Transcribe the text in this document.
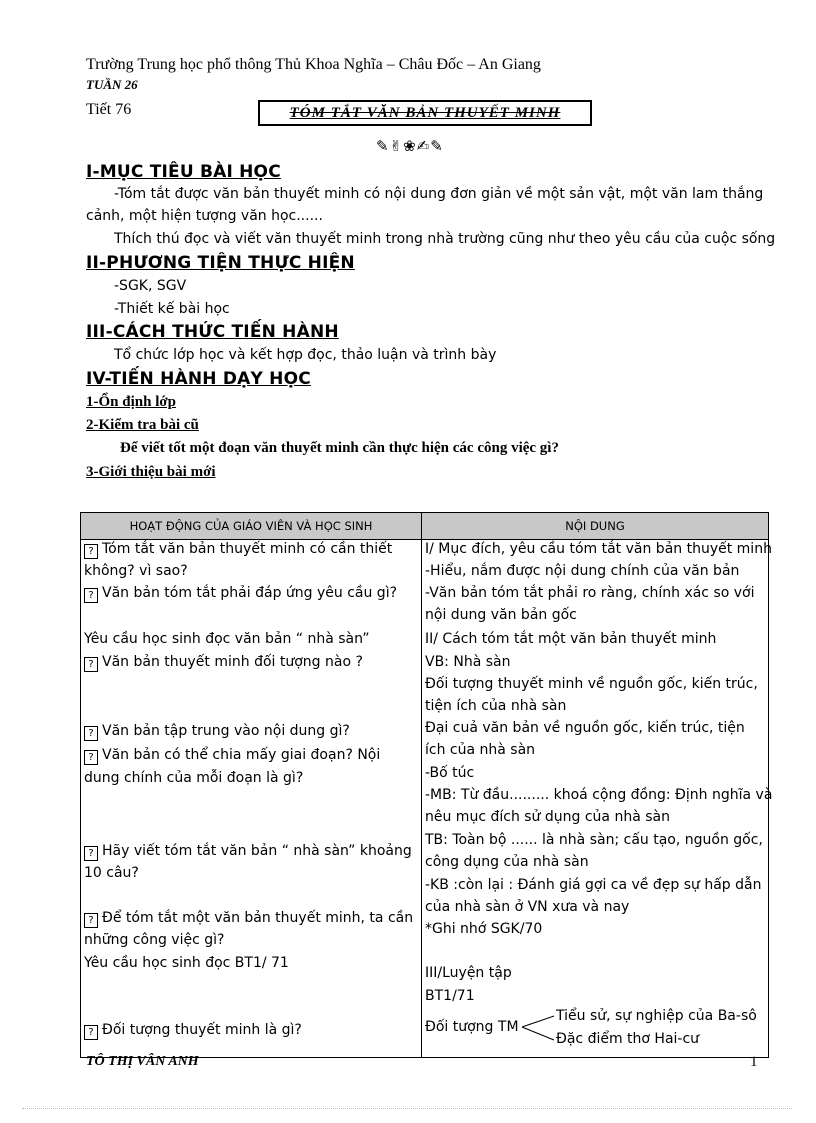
Trường Trung học phổ thông Thủ Khoa Nghĩa – Châu Đốc – An Giang
TUẦN 26
Tiết 76	TÓM TẮT VĂN BẢN THUYẾT MINH
✎✌❀✍✎
I-MỤC TIÊU BÀI HỌC
-Tóm tắt được văn bản thuyết minh có nội dung đơn giản về một sản vật, một văn lam thắng
cảnh, một hiện tượng văn học......
Thích thú đọc và viết văn thuyết minh trong nhà trường cũng như theo yêu cầu của cuộc sống
II-PHƯƠNG TIỆN THỰC HIỆN
-SGK, SGV
-Thiết kế bài học
III-CÁCH THỨC TIẾN HÀNH
Tổ chức lớp học và kết hợp đọc, thảo luận và trình bày
IV-TIẾN HÀNH DẠY HỌC
1-Ổn định lớp
2-Kiểm tra bài cũ
Để viết tốt một đoạn văn thuyết minh cần thực hiện các công việc gì?
3-Giới thiệu bài mới
HOẠT ĐỘNG CỦA GIÁO VIÊN VÀ HỌC SINH	NỘI DUNG

? Tóm tắt văn bản thuyết minh có cần thiết
không? vì sao?
? Văn bản tóm tắt phải đáp ứng yêu cầu gì?
Yêu cầu học sinh đọc văn bản “ nhà sàn”
? Văn bản thuyết minh đối tượng nào ?
? Văn bản tập trung vào nội dung gì?
? Văn bản có thể chia mấy giai đoạn? Nội
dung chính của mỗi đoạn là gì?
? Hãy viết tóm tắt văn bản “ nhà sàn” khoảng
10 câu?
? Để tóm tắt một văn bản thuyết minh, ta cần
những công việc gì?
Yêu cầu học sinh đọc BT1/ 71
? Đối tượng thuyết minh là gì?
I/ Mục đích, yêu cầu tóm tắt văn bản thuyết minh
-Hiểu, nắm được nội dung chính của văn bản
-Văn bản tóm tắt phải ro ràng, chính xác so với
nội dung văn bản gốc
II/ Cách tóm tắt một văn bản thuyết minh
VB: Nhà sàn
Đối tượng thuyết minh về nguồn gốc, kiến trúc,
tiện ích của nhà sàn
Đại cuả văn bản về nguồn gốc, kiến trúc, tiện
ích của nhà sàn
-Bố túc
-MB: Từ đầu......... khoá cộng đồng: Định nghĩa và
nêu mục đích sử dụng của nhà sàn
TB: Toàn bộ ...... là nhà sàn; cấu tạo, nguồn gốc,
công dụng của nhà sàn
-KB :còn lại : Đánh giá gợi ca về đẹp sự hấp dẫn
của nhà sàn ở VN xưa và nay
*Ghi nhớ SGK/70
III/Luyện tập
BT1/71
Đối tượng TM
Tiểu sử, sự nghiệp của Ba-sô
Đặc điểm thơ Hai-cư
TÔ THỊ VÂN ANH	1
